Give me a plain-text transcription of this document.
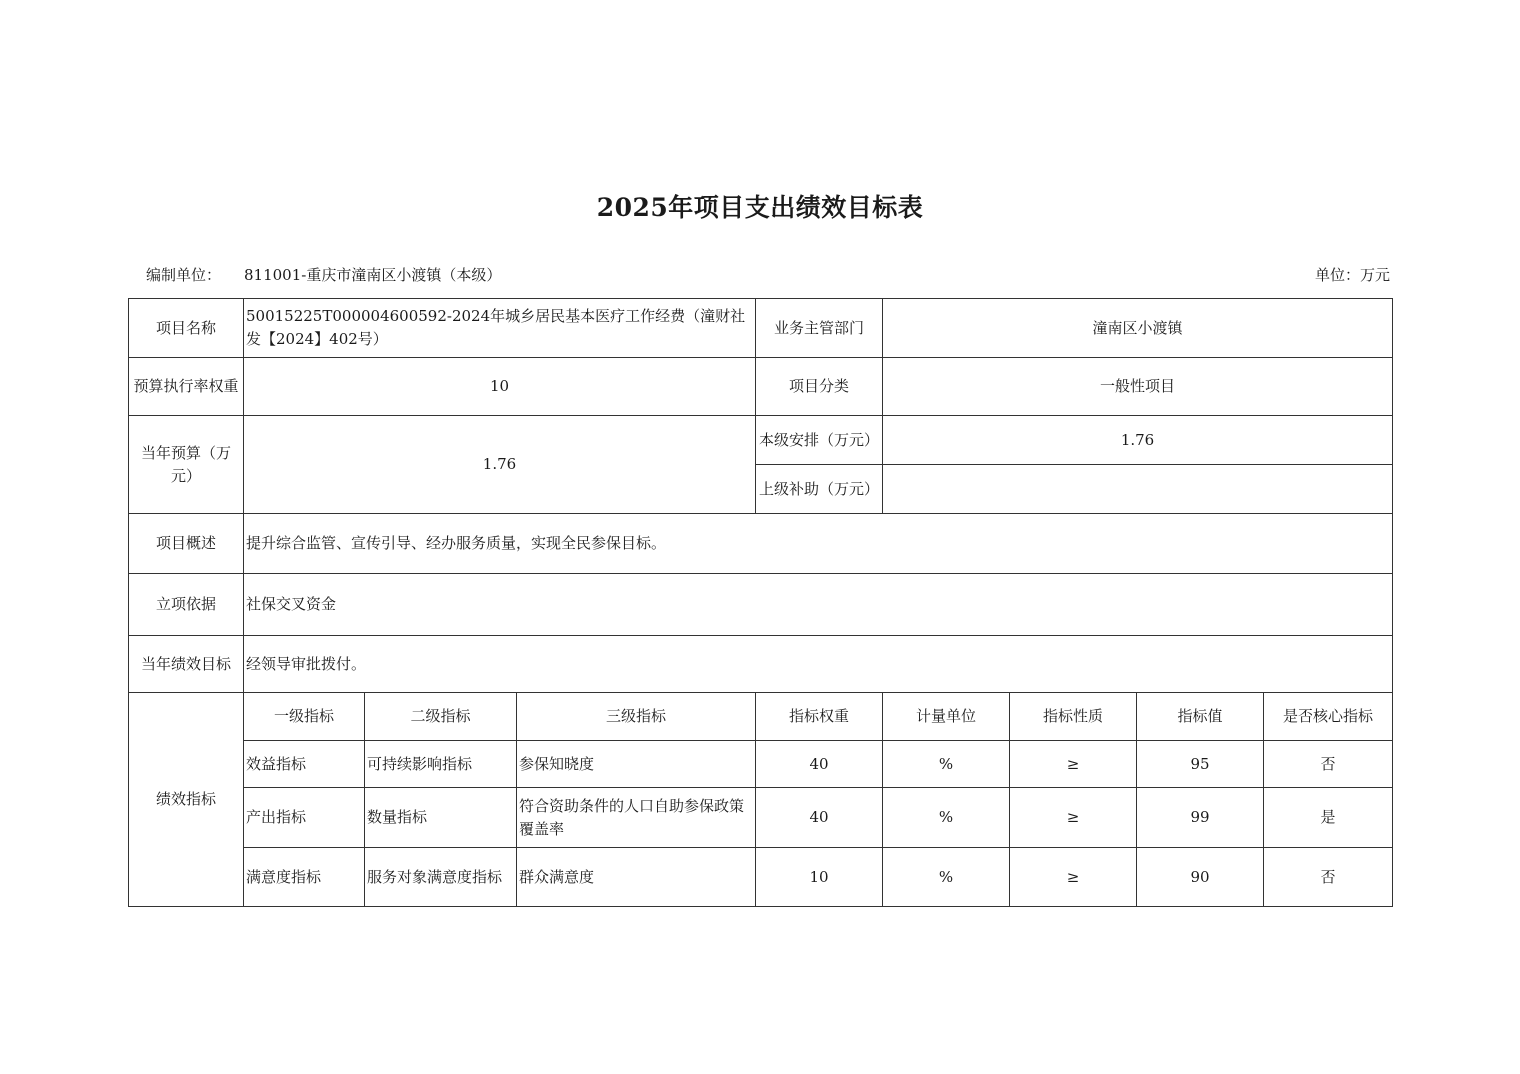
2025年项目支出绩效目标表
编制单位： 811001-重庆市潼南区小渡镇（本级）	单位：万元
项目名称	50015225T000004600592-2024年城乡居民基本医疗工作经费（潼财社发【2024】402号）			业务主管部门	潼南区小渡镇			
预算执行率权重	10			项目分类	一般性项目			
当年预算（万元）	1.76			本级安排（万元）	1.76			
				上级补助（万元）				
项目概述	提升综合监管、宣传引导、经办服务质量，实现全民参保目标。							
立项依据	社保交叉资金							
当年绩效目标	经领导审批拨付。							
绩效指标	一级指标	二级指标	三级指标	指标权重	计量单位	指标性质	指标值	是否核心指标
	效益指标	可持续影响指标	参保知晓度	40	%	≥	95	否
	产出指标	数量指标	符合资助条件的人口自助参保政策覆盖率	40	%	≥	99	是
	满意度指标	服务对象满意度指标	群众满意度	10	%	≥	90	否
